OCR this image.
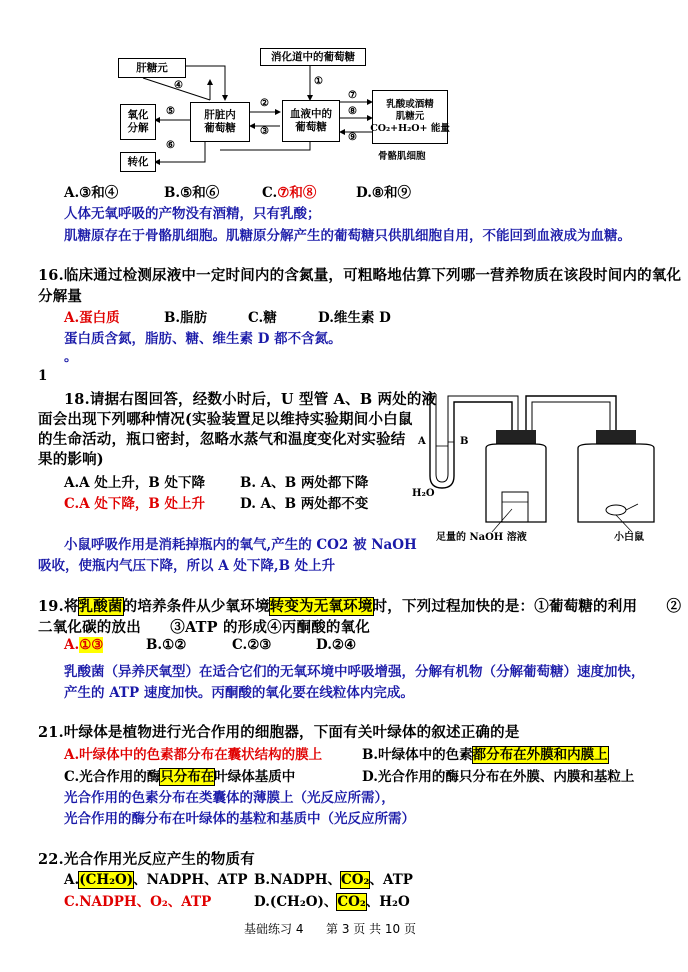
肝糖元
消化道中的葡萄糖
氧化
分解
肝脏内
葡萄糖
血液中的
葡萄糖
转化
乳酸或酒精
肌糖元
CO₂+H₂O+ 能量
骨骼肌细胞
①
②
③
④
⑤
⑥
⑦
⑧
⑨
A.③和④	B.⑤和⑥	C.⑦和⑧	D.⑧和⑨
人体无氧呼吸的产物没有酒精，只有乳酸；
肌糖原存在于骨骼肌细胞。肌糖原分解产生的葡萄糖只供肌细胞自用，不能回到血液成为血糖。
16.临床通过检测尿液中一定时间内的含氮量，可粗略地估算下列哪一营养物质在该段时间内的氧化
分解量
A.蛋白质	B.脂肪	C.糖	D.维生素 D
蛋白质含氮，脂肪、糖、维生素 D 都不含氮。
。
1
18.请据右图回答，经数小时后，U 型管 A、B 两处的液
面会出现下列哪种情况(实验装置足以维持实验期间小白鼠
的生命活动，瓶口密封，忽略水蒸气和温度变化对实验结
果的影响)
A.A 处上升，B 处下降	B. A、B 两处都下降
C.A 处下降，B 处上升	D. A、B 两处都不变
小鼠呼吸作用是消耗掉瓶内的氧气,产生的 CO2 被 NaOH
吸收，使瓶内气压下降，所以 A 处下降,B 处上升
A	B
H₂O
足量的 NaOH 溶液	小白鼠
19.将乳酸菌的培养条件从少氧环境转变为无氧环境时，下列过程加快的是：①葡萄糖的利用　　②
二氧化碳的放出　　③ATP 的形成④丙酮酸的氧化
A.①③	B.①②	C.②③	D.②④
乳酸菌（异养厌氧型）在适合它们的无氧环境中呼吸增强，分解有机物（分解葡萄糖）速度加快，
产生的 ATP 速度加快。丙酮酸的氧化要在线粒体内完成。
21.叶绿体是植物进行光合作用的细胞器，下面有关叶绿体的叙述正确的是
A.叶绿体中的色素都分布在囊状结构的膜上	B.叶绿体中的色素都分布在外膜和内膜上
C.光合作用的酶只分布在叶绿体基质中	D.光合作用的酶只分布在外膜、内膜和基粒上
光合作用的色素分布在类囊体的薄膜上（光反应所需），
光合作用的酶分布在叶绿体的基粒和基质中（光反应所需）
22.光合作用光反应产生的物质有
A.(CH₂O)、NADPH、ATP B.NADPH、CO₂、ATP
C.NADPH、O₂、ATP	D.(CH₂O)、CO₂、H₂O
基础练习 4 第 3 页 共 10 页
